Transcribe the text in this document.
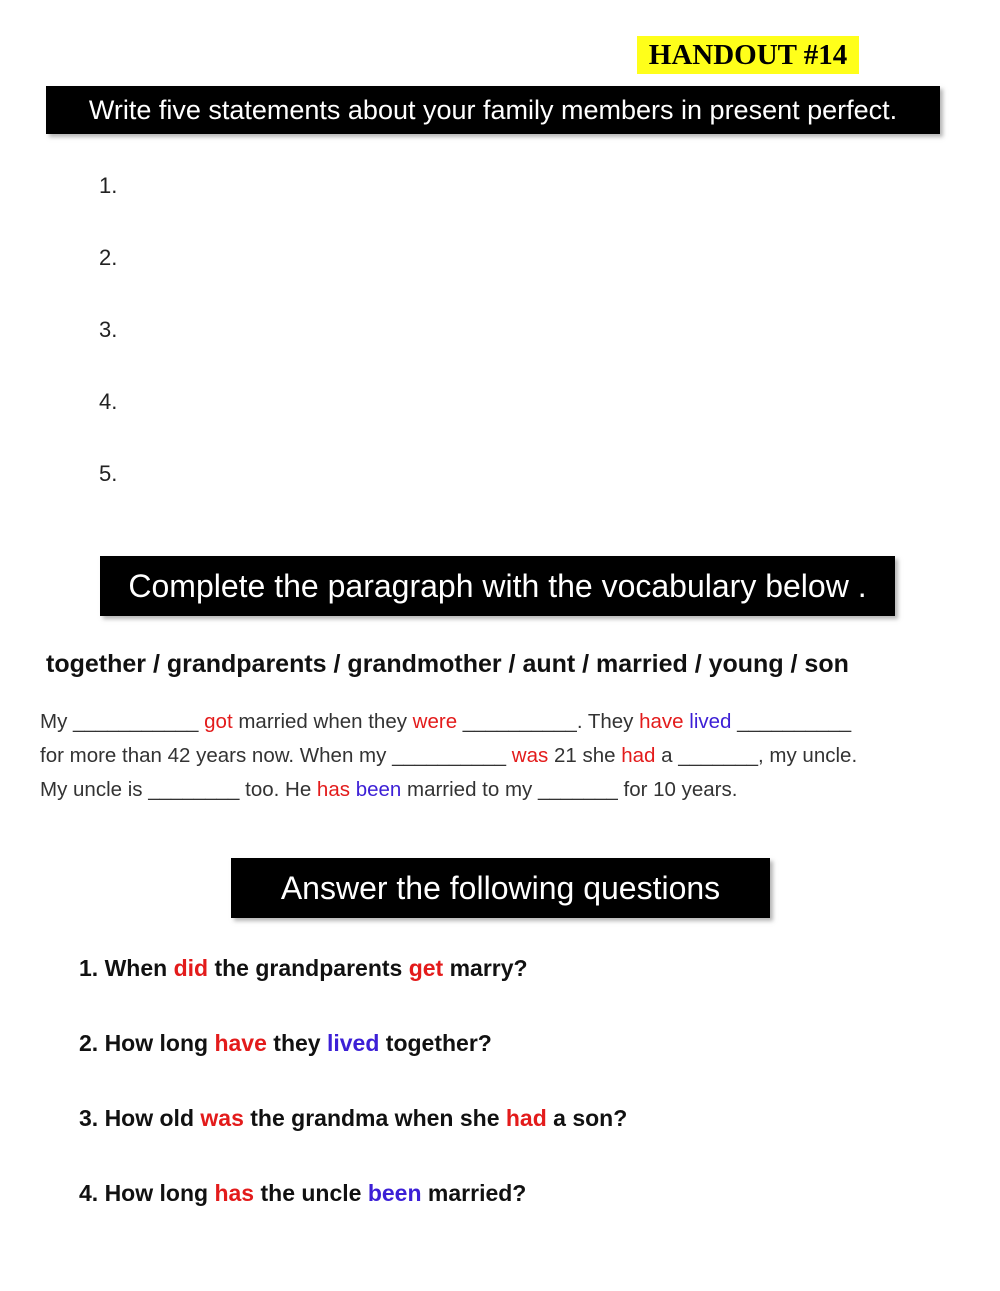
HANDOUT #14
Write five statements about your family members in present perfect.
1.
2.
3.
4.
5.
Complete the paragraph with the vocabulary below .
together / grandparents / grandmother / aunt / married / young / son
My ___________ got married when they were __________. They have lived __________
for more than 42 years now. When my __________ was 21 she had a _______, my uncle.
My uncle is ________ too. He has been married to my _______ for 10 years.
Answer the following questions
1. When did the grandparents get marry?
2. How long have they lived together?
3. How old was the grandma when she had a son?
4. How long has the uncle been married?
